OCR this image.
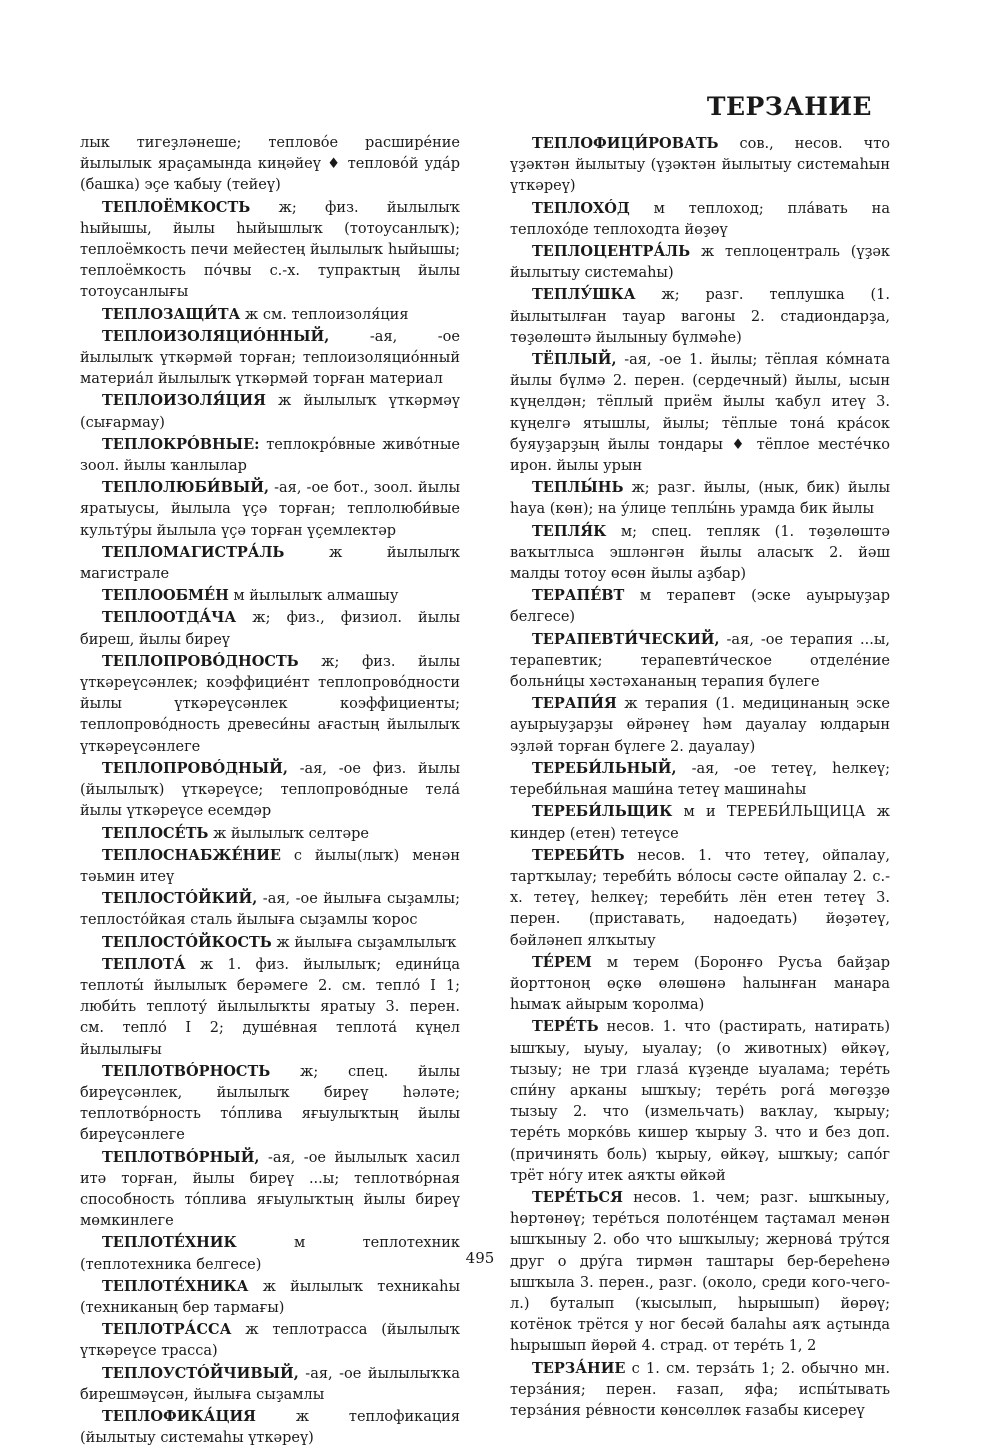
ТЕРЗАНИЕ

лык тигеҙләнеше; тепловóе расширéние йылылык яраҫамында киңәйеү ♦ тепловóй удáр (башка) эҫе ҡабыу (тейеү)

ТЕПЛОЁМКОСТЬ ж; физ. йылылыҡ һыйышы, йылы һыйышлыҡ (тотоусанлыҡ); теплоёмкость печи мейестең йылылыҡ һыйышы; теплоёмкость пóчвы с.-х. тупрактың йылы тотоусанлығы

ТЕПЛОЗАЩИ́ТА ж см. теплоизоля́ция

ТЕПЛОИЗОЛЯЦИÓННЫЙ, -ая, -ое йылылыҡ үткәрмәй торған; теплоизоляциóнный материа́л йылылыҡ үткәрмәй торған материал

ТЕПЛОИЗОЛЯ́ЦИЯ ж йылылыҡ үткәрмәү (сығармау)

ТЕПЛОКРÓВНЫЕ: теплокрóвные живóтные зоол. йылы ҡанлылар

ТЕПЛОЛЮБИ́ВЫЙ, -ая, -ое бот., зоол. йылы яратыусы, йылыла үҫә торған; теплолюби́вые культу́ры йылыла үҫә торған үҫемлектәр

ТЕПЛОМАГИСТРА́ЛЬ ж йылылыҡ магистрале

ТЕПЛООБМЕ́Н м йылылыҡ алмашыу

ТЕПЛООТДА́ЧА ж; физ., физиол. йылы биреш, йылы биреү

ТЕПЛОПРОВÓДНОСТЬ ж; физ. йылы үткәреүсәнлек; коэффицие́нт теплопровóдности йылы үткәреүсәнлек коэффициенты; теплопровóдность древеси́ны ағастың йылылыҡ үткәреүсәнлеге

ТЕПЛОПРОВÓДНЫЙ, -ая, -ое физ. йылы (йылылыҡ) үткәреүсе; теплопровóдные тела́ йылы үткәреүсе есемдәр

ТЕПЛОСЕ́ТЬ ж йылылыҡ селтәре

ТЕПЛОСНАБЖЕ́НИЕ с йылы(лыҡ) менән тәьмин итеү

ТЕПЛОСТÓЙКИЙ, -ая, -ое йылыға сыҙамлы; теплостóйкая сталь йылыға сыҙамлы ҡорос

ТЕПЛОСТÓЙКОСТЬ ж йылыға сыҙамлылыҡ

ТЕПЛОТА́ ж 1. физ. йылылыҡ; едини́ца теплоты́ йылылыҡ берәмеге 2. см. тепло́ I 1; люби́ть теплоту́ йылылыҡты яратыу 3. перен. см. тепло́ I 2; душе́вная теплота́ күңел йылылығы

ТЕПЛОТВÓРНОСТЬ ж; спец. йылы биреүсәнлек, йылылыҡ биреү һәләте; теплотвóрность тóплива яғыулыҡтың йылы биреүсәнлеге

ТЕПЛОТВÓРНЫЙ, -ая, -ое йылылыҡ хасил итә торған, йылы биреү ...ы; теплотвóрная способность тóплива яғыулыҡтың йылы биреү мөмкинлеге

ТЕПЛОТЕ́ХНИК м теплотехник (теплотехника белгесе)

ТЕПЛОТЕ́ХНИКА ж йылылыҡ техникаһы (техниканың бер тармағы)

ТЕПЛОТРА́ССА ж теплотрасса (йылылыҡ үткәреүсе трасса)

ТЕПЛОУСТÓЙЧИВЫЙ, -ая, -ое йылылыҡҡа бирешмәүсән, йылыға сыҙамлы

ТЕПЛОФИКА́ЦИЯ ж теплофикация (йылытыу системаһы үткәреү)

ТЕПЛОФИЦИ́РОВАТЬ сов., несов. что үҙәктән йылытыу (үҙәктән йылытыу системаһын үткәреү)

ТЕПЛОХÓД м теплоход; пла́вать на теплохóде теплоходта йөҙөү

ТЕПЛОЦЕНТРА́ЛЬ ж теплоцентраль (үҙәк йылытыу системаһы)

ТЕПЛУ́ШКА ж; разг. теплушка (1. йылытылған тауар вагоны 2. стадиондарҙа, төҙөлөштә йылыныу бүлмәһе)

ТЁПЛЫЙ, -ая, -ое 1. йылы; тёплая кóмната йылы бүлмә 2. перен. (сердечный) йылы, ысын күңелдән; тёплый приём йылы ҡабул итеү 3. күңелгә ятышлы, йылы; тёплые тона́ кра́сок буяуҙарҙың йылы тондары ♦ тёплое местéчко ирон. йылы урын

ТЕПЛЫ́НЬ ж; разг. йылы, (нык, бик) йылы һауа (көн); на у́лице теплы́нь урамда бик йылы

ТЕПЛЯ́К м; спец. тепляк (1. төҙөлөштә ваҡытлыса эшләнгән йылы аласыҡ 2. йәш малды тотоу өсөн йылы аҙбар)

ТЕРАПЕ́ВТ м терапевт (эске ауырыуҙар белгесе)

ТЕРАПЕВТИ́ЧЕСКИЙ, -ая, -ое терапия ...ы, терапевтик; терапевти́ческое отделéние больни́цы хәстәхананың терапия бүлеге

ТЕРАПИ́Я ж терапия (1. медицинаның эске ауырыуҙарҙы өйрәнеү һәм дауалау юлдарын эҙләй торған бүлеге 2. дауалау)

ТЕРЕБИ́ЛЬНЫЙ, -ая, -ое тетеү, һелкеү; тереби́льная маши́на тетеү машинаһы

ТЕРЕБИ́ЛЬЩИК м и ТЕРЕБИ́ЛЬЩИЦА ж киндер (етен) тетеүсе

ТЕРЕБИ́ТЬ несов. 1. что тетеү, ойпалау, тартҡылау; тереби́ть вóлосы сәсте ойпалау 2. с.-х. тетеү, һелкеү; тереби́ть лён етен тетеү 3. перен. (приставать, надоедать) йөҙәтеү, бәйләнеп ялҡытыу

ТЕ́РЕМ м терем (Боронғо Русъа байҙар йорттоноң өҫкө өлөшөнә һалынған манара һымаҡ айырым ҡоролма)

ТЕРЕ́ТЬ несов. 1. что (растирать, натирать) ышҡыу, ыуыу, ыуалау; (о животных) өйкәү, тызыу; не три глаза́ күҙеңде ыуалама; тере́ть спи́ну арканы ышҡыу; тере́ть рога́ мөгөҙҙө тызыу 2. что (измельчать) ваҡлау, ҡырыу; тере́ть морко́вь кишер ҡырыу 3. что и без доп. (причинять боль) ҡырыу, өйкәү, ышҡыу; сапóг трёт нóгу итек аяҡты өйкәй

ТЕРЕ́ТЬСЯ несов. 1. чем; разг. ышҡыныу, һөртөнөү; тере́ться полотéнцем таҫтамал менән ышҡыныу 2. обо что ышҡылыу; жернова́ тру́тся друг о дру́га тирмән таштары бер-береһенә ышҡыла 3. перен., разг. (около, среди кого-чего-л.) буталып (ҡысылып, һырышып) йөрөү; котёнок трётся у ног бесәй балаһы аяҡ аҫтында һырышып йөрөй 4. страд. от тере́ть 1, 2

ТЕРЗА́НИЕ с 1. см. терза́ть 1; 2. обычно мн. терза́ния; перен. ғазап, яфа; испы́тывать терза́ния рéвности көнсөллөк ғазабы кисереү

495
